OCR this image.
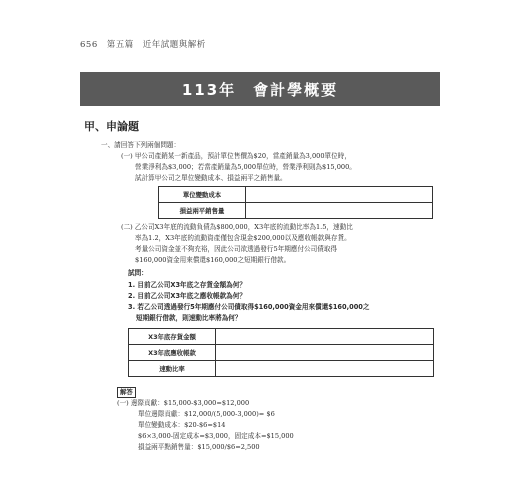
656　第五篇　近年試題與解析
113年　會計學概要
甲、申論題
一、請回答下列兩個問題：
(一) 甲公司產銷某一新產品，預計單位售價為$20，當產銷量為3,000單位時，
營業淨利為$3,000；若當產銷量為5,000單位時，營業淨利則為$15,000。
試計算甲公司之單位變動成本、損益兩平之銷售量。
單位變動成本	
損益兩平銷售量	
(二) 乙公司X3年底的流動負債為$800,000，X3年底的流動比率為1.5，速動比
率為1.2，X3年底的流動資產僅包含現金$200,000以及應收帳款與存貨。
考量公司資金並不夠充裕，因此公司欲透過發行5年期應付公司債取得
$160,000資金用來償還$160,000之短期銀行借款。
試問：
1. 目前乙公司X3年底之存貨金額為何？
2. 目前乙公司X3年底之應收帳款為何？
3. 若乙公司透過發行5年期應付公司債取得$160,000資金用來償還$160,000之
短期銀行借款，則速動比率將為何？
X3年底存貨金額	
X3年底應收帳款	
速動比率	
解答
(一) 邊際貢獻：$15,000-$3,000=$12,000
單位邊際貢獻：$12,000/(5,000-3,000)= $6
單位變動成本：$20-$6=$14
$6×3,000-固定成本=$3,000，固定成本=$15,000
損益兩平點銷售量：$15,000/$6=2,500
